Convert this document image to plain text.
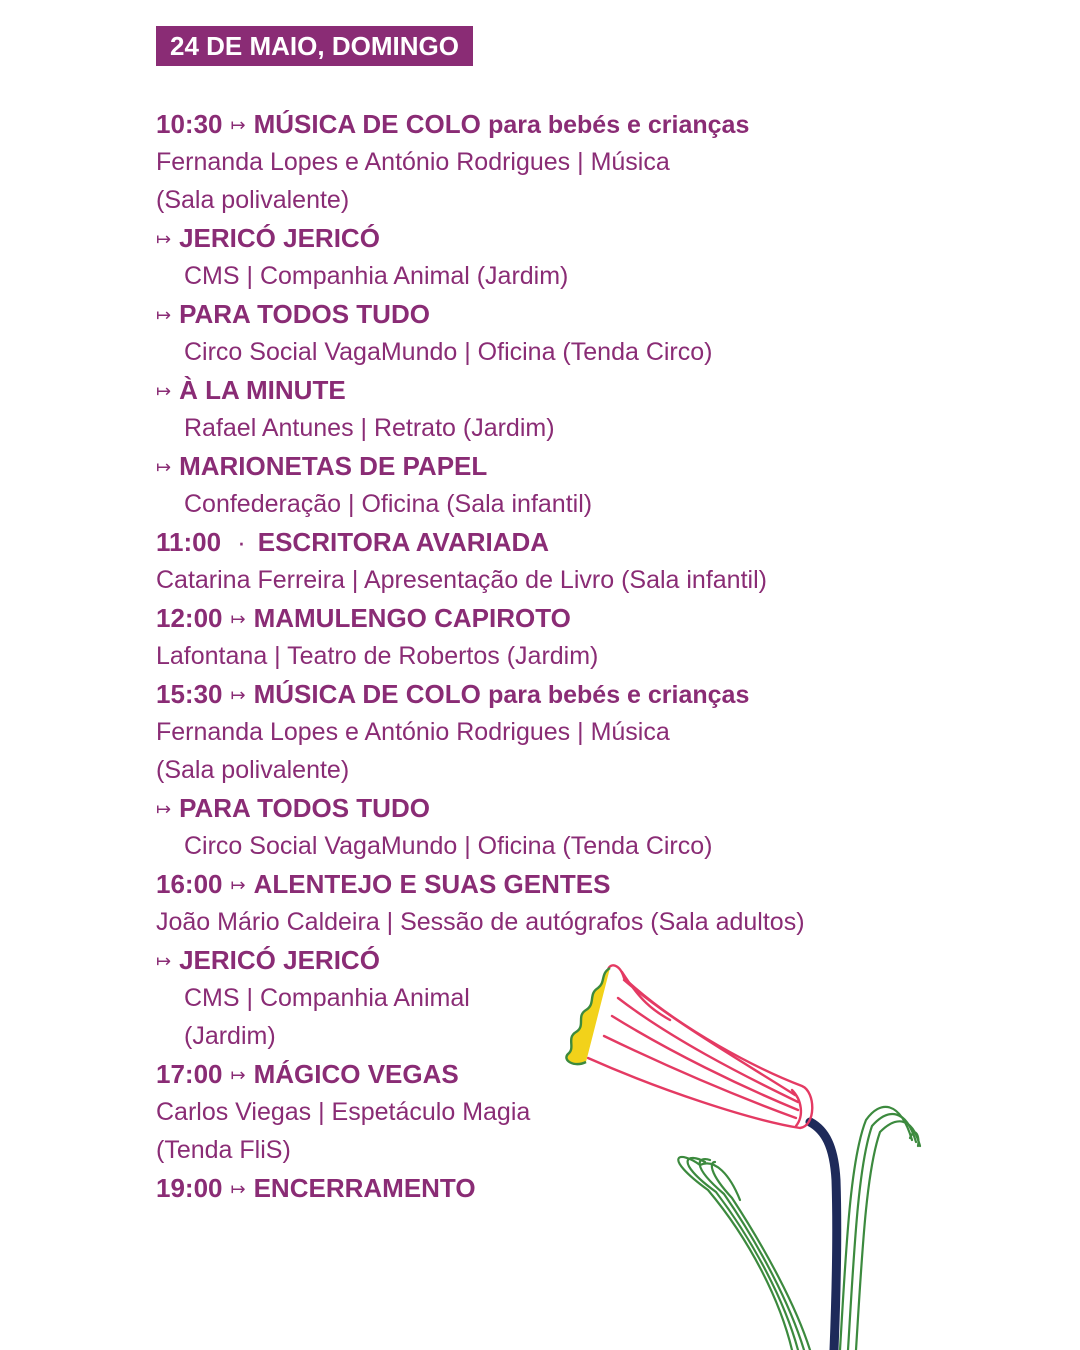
24 DE MAIO, DOMINGO
10:30 ↦ MÚSICA DE COLO para bebés e crianças
Fernanda Lopes e António Rodrigues | Música
(Sala polivalente)
↦ JERICÓ JERICÓ
CMS | Companhia Animal (Jardim)
↦ PARA TODOS TUDO
Circo Social VagaMundo | Oficina (Tenda Circo)
↦ À LA MINUTE
Rafael Antunes | Retrato (Jardim)
↦ MARIONETAS DE PAPEL
Confederação | Oficina (Sala infantil)
11:00 · ESCRITORA AVARIADA
Catarina Ferreira | Apresentação de Livro (Sala infantil)
12:00 ↦ MAMULENGO CAPIROTO
Lafontana | Teatro de Robertos (Jardim)
15:30 ↦ MÚSICA DE COLO para bebés e crianças
Fernanda Lopes e António Rodrigues | Música
(Sala polivalente)
↦ PARA TODOS TUDO
Circo Social VagaMundo | Oficina (Tenda Circo)
16:00 ↦ ALENTEJO E SUAS GENTES
João Mário Caldeira | Sessão de autógrafos (Sala adultos)
↦ JERICÓ JERICÓ
CMS | Companhia Animal
(Jardim)
17:00 ↦ MÁGICO VEGAS
Carlos Viegas | Espetáculo Magia
(Tenda FliS)
19:00 ↦ ENCERRAMENTO
